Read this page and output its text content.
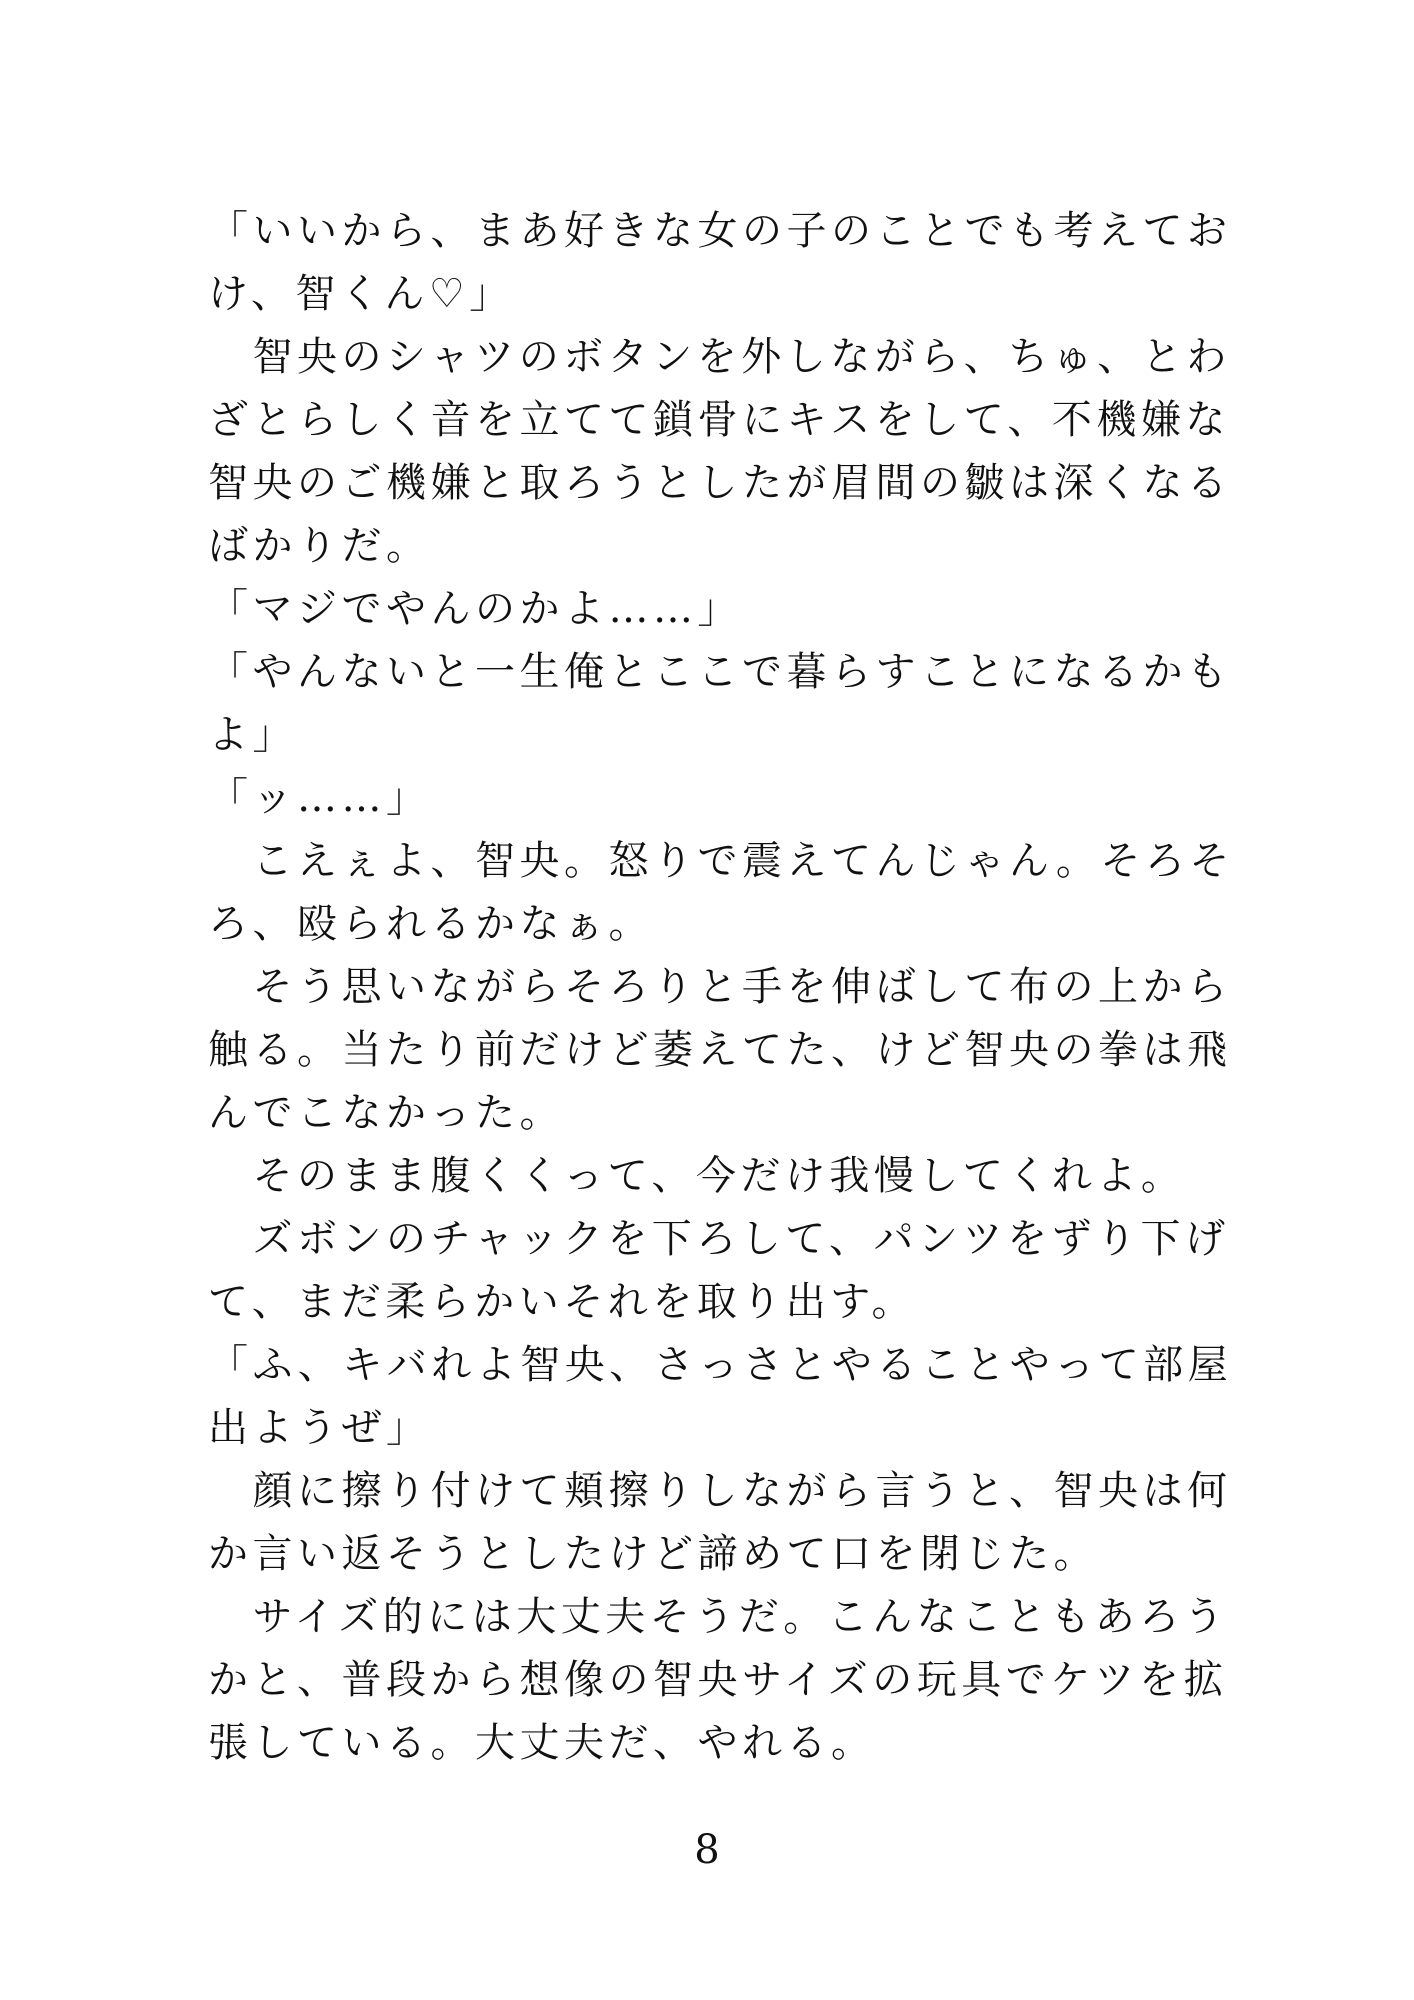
「いいから、まあ好きな女の子のことでも考えてお
け、智くん♡」
　智央のシャツのボタンを外しながら、ちゅ、とわ
ざとらしく音を立てて鎖骨にキスをして、不機嫌な
智央のご機嫌と取ろうとしたが眉間の皺は深くなる
ばかりだ。
「マジでやんのかよ……」
「やんないと一生俺とここで暮らすことになるかも
よ」
「ッ……」
　こえぇよ、智央。怒りで震えてんじゃん。そろそ
ろ、殴られるかなぁ。
　そう思いながらそろりと手を伸ばして布の上から
触る。当たり前だけど萎えてた、けど智央の拳は飛
んでこなかった。
　そのまま腹くくって、今だけ我慢してくれよ。
　ズボンのチャックを下ろして、パンツをずり下げ
て、まだ柔らかいそれを取り出す。
「ふ、キバれよ智央、さっさとやることやって部屋
出ようぜ」
　顔に擦り付けて頬擦りしながら言うと、智央は何
か言い返そうとしたけど諦めて口を閉じた。
　サイズ的には大丈夫そうだ。こんなこともあろう
かと、普段から想像の智央サイズの玩具でケツを拡
張している。大丈夫だ、やれる。
8
